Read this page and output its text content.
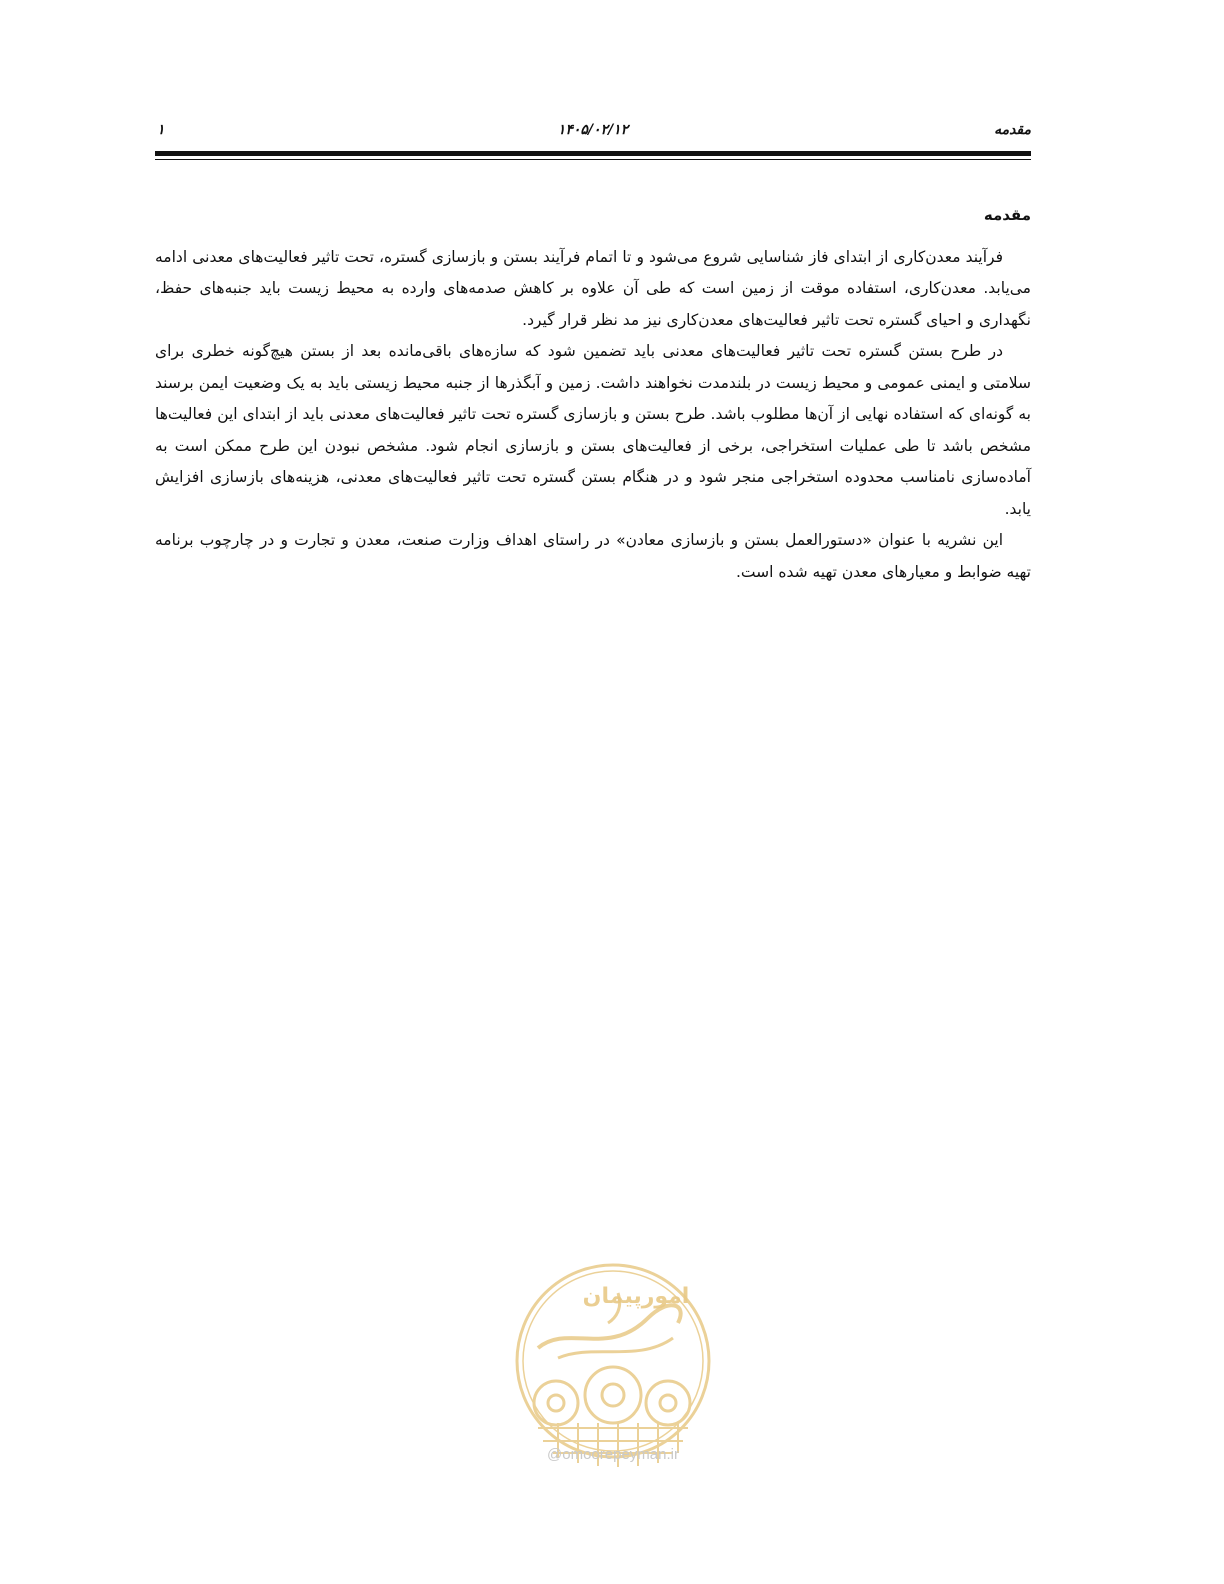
مقدمه
۱۴۰۵/۰۲/۱۲
۱
مقدمه

فرآیند معدن‌کاری از ابتدای فاز شناسایی شروع می‌شود و تا اتمام فرآیند بستن و بازسازی گستره، تحت تاثیر فعالیت‌های معدنی ادامه می‌یابد. معدن‌کاری، استفاده موقت از زمین است که طی آن علاوه بر کاهش صدمه‌های وارده به محیط زیست باید جنبه‌های حفظ، نگهداری و احیای گستره تحت تاثیر فعالیت‌های معدن‌کاری نیز مد نظر قرار گیرد.

در طرح بستن گستره تحت تاثیر فعالیت‌های معدنی باید تضمین شود که سازه‌های باقی‌مانده بعد از بستن هیچ‌گونه خطری برای سلامتی و ایمنی عمومی و محیط زیست در بلندمدت نخواهند داشت. زمین و آبگذرها از جنبه محیط زیستی باید به یک وضعیت ایمن برسند به گونه‌ای که استفاده نهایی از آن‌ها مطلوب باشد. طرح بستن و بازسازی گستره تحت تاثیر فعالیت‌های معدنی باید از ابتدای این فعالیت‌ها مشخص باشد تا طی عملیات استخراجی، برخی از فعالیت‌های بستن و بازسازی انجام شود. مشخص نبودن این طرح ممکن است به آماده‌سازی نامناسب محدوده استخراجی منجر شود و در هنگام بستن گستره تحت تاثیر فعالیت‌های معدنی، هزینه‌های بازسازی افزایش یابد.

این نشریه با عنوان «دستورالعمل بستن و بازسازی معادن» در راستای اهداف وزارت صنعت، معدن و تجارت و در چارچوب برنامه تهیه ضوابط و معیارهای معدن تهیه شده است.

امورپیمان
@omoorepeyman.ir
